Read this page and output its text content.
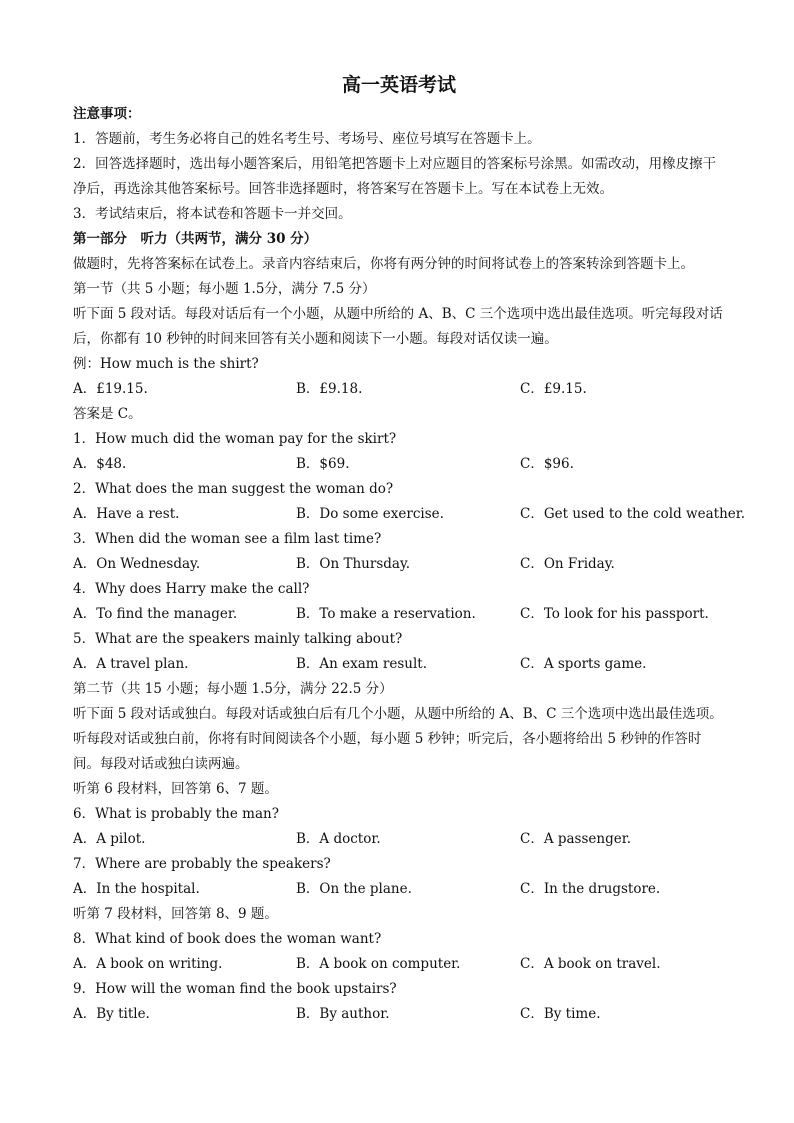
高一英语考试
注意事项：
1．答题前，考生务必将自己的姓名考生号、考场号、座位号填写在答题卡上。
2．回答选择题时，选出每小题答案后，用铅笔把答题卡上对应题目的答案标号涂黑。如需改动，用橡皮擦干净后，再选涂其他答案标号。回答非选择题时，将答案写在答题卡上。写在本试卷上无效。
3．考试结束后，将本试卷和答题卡一并交回。
第一部分　听力（共两节，满分 30 分）
做题时，先将答案标在试卷上。录音内容结束后，你将有两分钟的时间将试卷上的答案转涂到答题卡上。
第一节（共 5 小题；每小题 1.5分，满分 7.5 分）
听下面 5 段对话。每段对话后有一个小题，从题中所给的 A、B、C 三个选项中选出最佳选项。听完每段对话后，你都有 10 秒钟的时间来回答有关小题和阅读下一小题。每段对话仅读一遍。
例：How much is the shirt?
A．£19.15.	B．£9.18.	C．£9.15.
答案是 C。
1．How much did the woman pay for the skirt?
A．$48.	B．$69.	C．$96.
2．What does the man suggest the woman do?
A．Have a rest.	B．Do some exercise.	C．Get used to the cold weather.
3．When did the woman see a film last time?
A．On Wednesday.	B．On Thursday.	C．On Friday.
4．Why does Harry make the call?
A．To find the manager.	B．To make a reservation.	C．To look for his passport.
5．What are the speakers mainly talking about?
A．A travel plan.	B．An exam result.	C．A sports game.
第二节（共 15 小题；每小题 1.5分，满分 22.5 分）
听下面 5 段对话或独白。每段对话或独白后有几个小题，从题中所给的 A、B、C 三个选项中选出最佳选项。听每段对话或独白前，你将有时间阅读各个小题，每小题 5 秒钟；听完后，各小题将给出 5 秒钟的作答时间。每段对话或独白读两遍。
听第 6 段材料，回答第 6、7 题。
6．What is probably the man?
A．A pilot.	B．A doctor.	C．A passenger.
7．Where are probably the speakers?
A．In the hospital.	B．On the plane.	C．In the drugstore.
听第 7 段材料，回答第 8、9 题。
8．What kind of book does the woman want?
A．A book on writing.	B．A book on computer.	C．A book on travel.
9．How will the woman find the book upstairs?
A．By title.	B．By author.	C．By time.
